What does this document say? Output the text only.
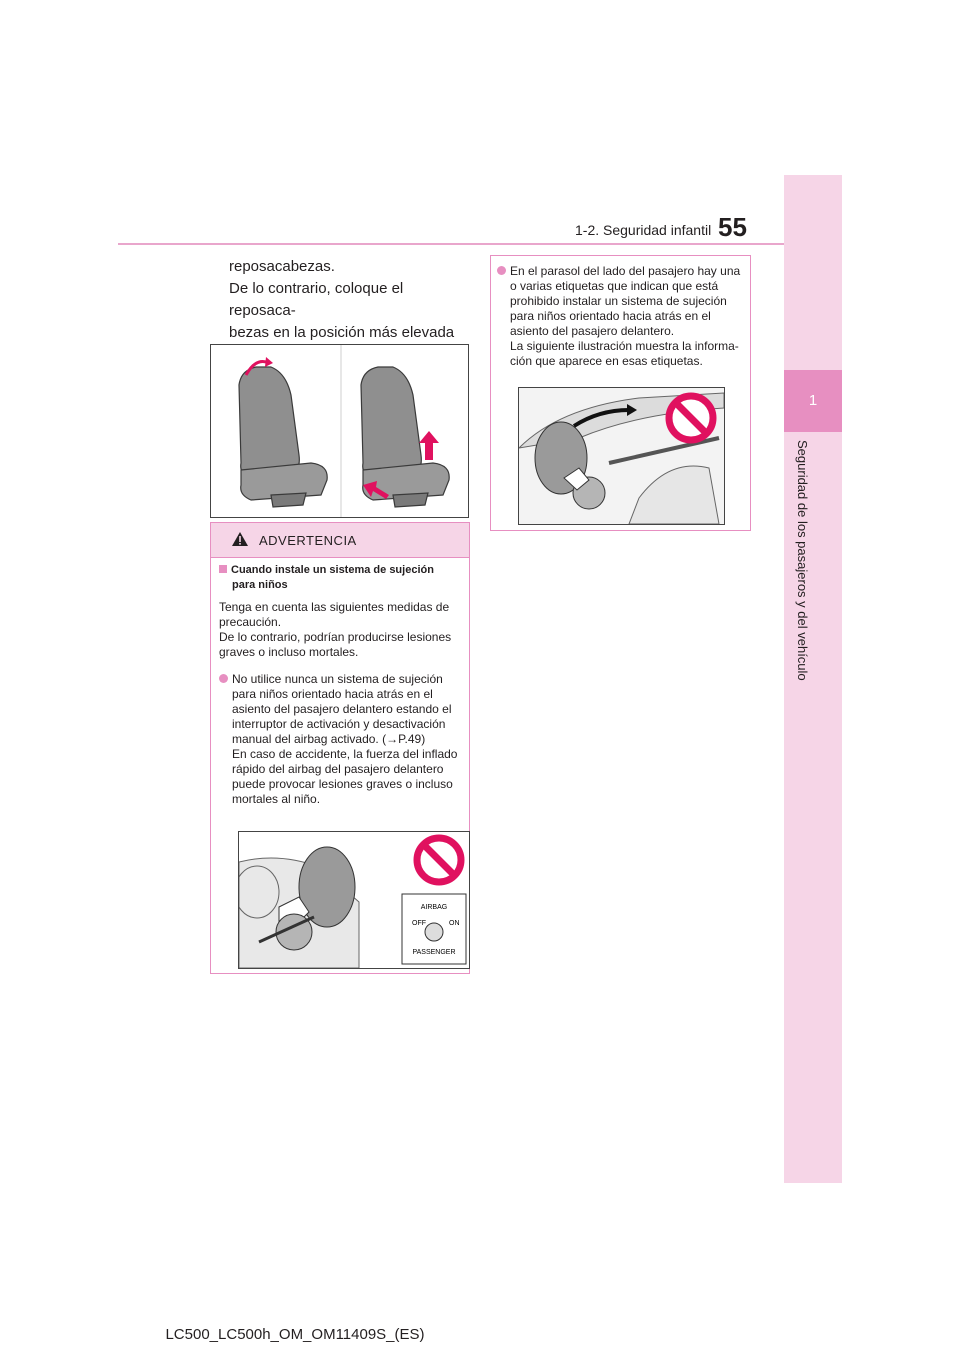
1-2. Seguridad infantil 55
1
Seguridad de los pasajeros y del vehículo

reposacabezas.

De lo contrario, coloque el reposaca-

bezas en la posición más elevada

ADVERTENCIA
Cuando instale un sistema de sujeción
para niños

Tenga en cuenta las siguientes medidas de

precaución.

De lo contrario, podrían producirse lesiones

graves o incluso mortales.

No utilice nunca un sistema de sujeción
para niños orientado hacia atrás en el
asiento del pasajero delantero estando el
interruptor de activación y desactivación
manual del airbag activado. (→P.49)
En caso de accidente, la fuerza del inflado
rápido del airbag del pasajero delantero
puede provocar lesiones graves o incluso
mortales al niño.
AIRBAG
OFF	ON
PASSENGER
En el parasol del lado del pasajero hay una
o varias etiquetas que indican que está
prohibido instalar un sistema de sujeción
para niños orientado hacia atrás en el
asiento del pasajero delantero.
La siguiente ilustración muestra la informa-
ción que aparece en esas etiquetas.
LC500_LC500h_OM_OM11409S_(ES)
